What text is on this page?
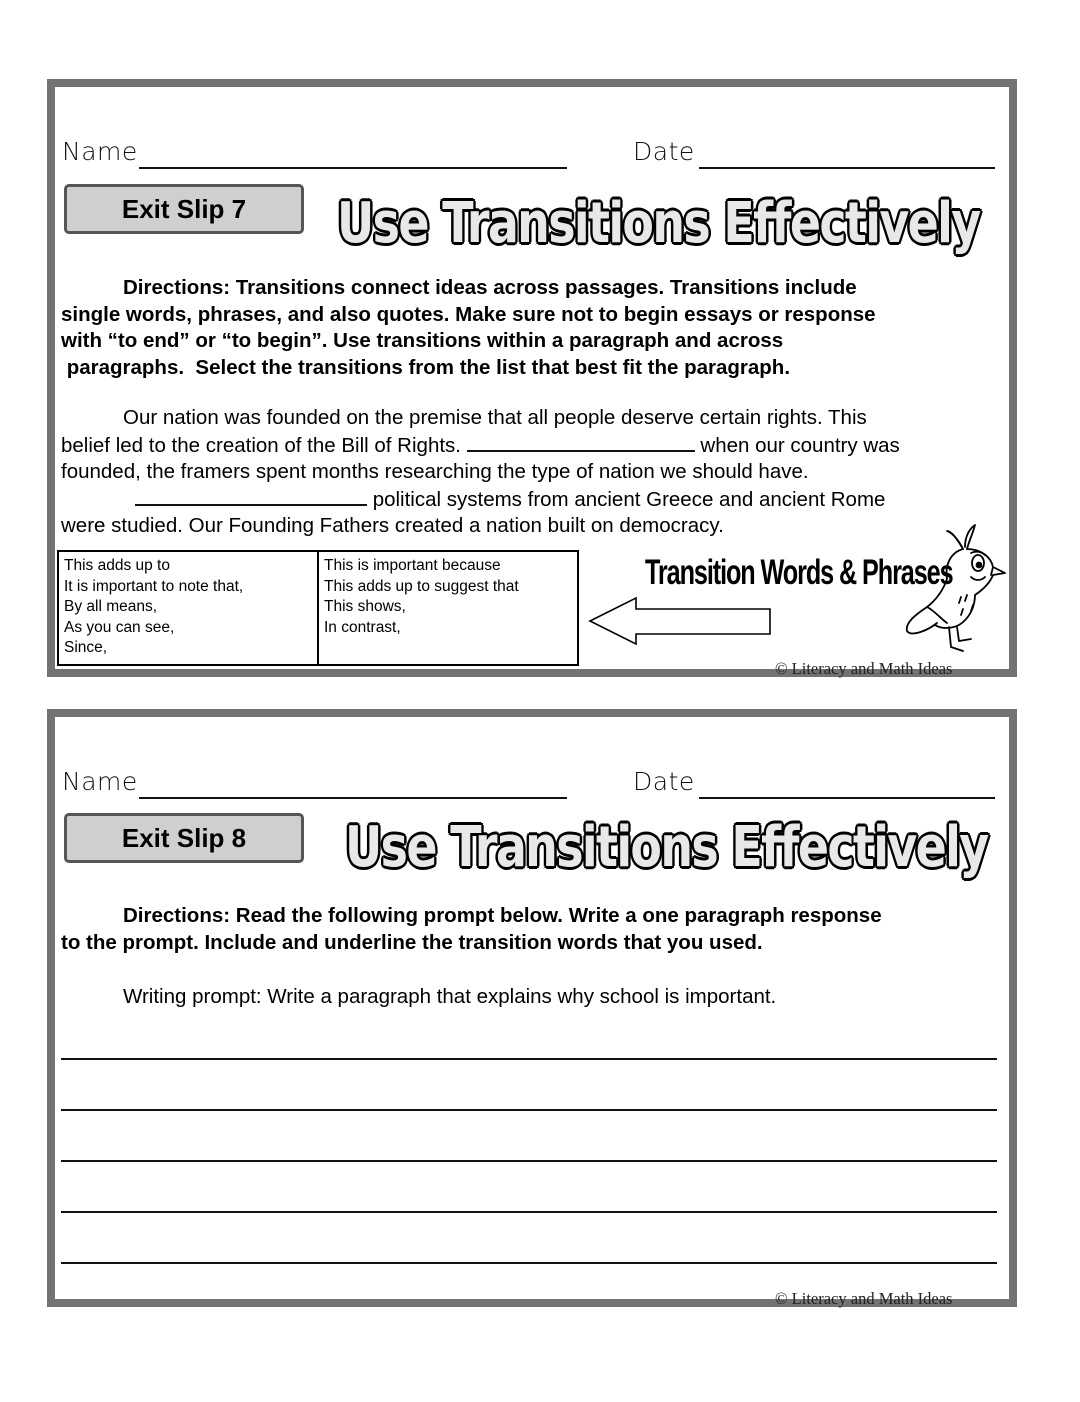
Name	Date
Exit Slip 7	Use Transitions Effectively
Directions: Transitions connect ideas across passages. Transitions include
single words, phrases, and also quotes. Make sure not to begin essays or response
with “to end” or “to begin”. Use transitions within a paragraph and across
paragraphs.  Select the transitions from the list that best fit the paragraph.
Our nation was founded on the premise that all people deserve certain rights. This
belief led to the creation of the Bill of Rights.	when our country was
founded, the framers spent months researching the type of nation we should have.
political systems from ancient Greece and ancient Rome
were studied. Our Founding Fathers created a nation built on democracy.
This adds up to
It is important to note that,
By all means,
As you can see,
Since,
This is important because
This adds up to suggest that
This shows,
In contrast,
Transition Words & Phrases
© Literacy and Math Ideas
Name	Date
Exit Slip 8	Use Transitions Effectively
Directions: Read the following prompt below. Write a one paragraph response
to the prompt. Include and underline the transition words that you used.
Writing prompt: Write a paragraph that explains why school is important.
© Literacy and Math Ideas
